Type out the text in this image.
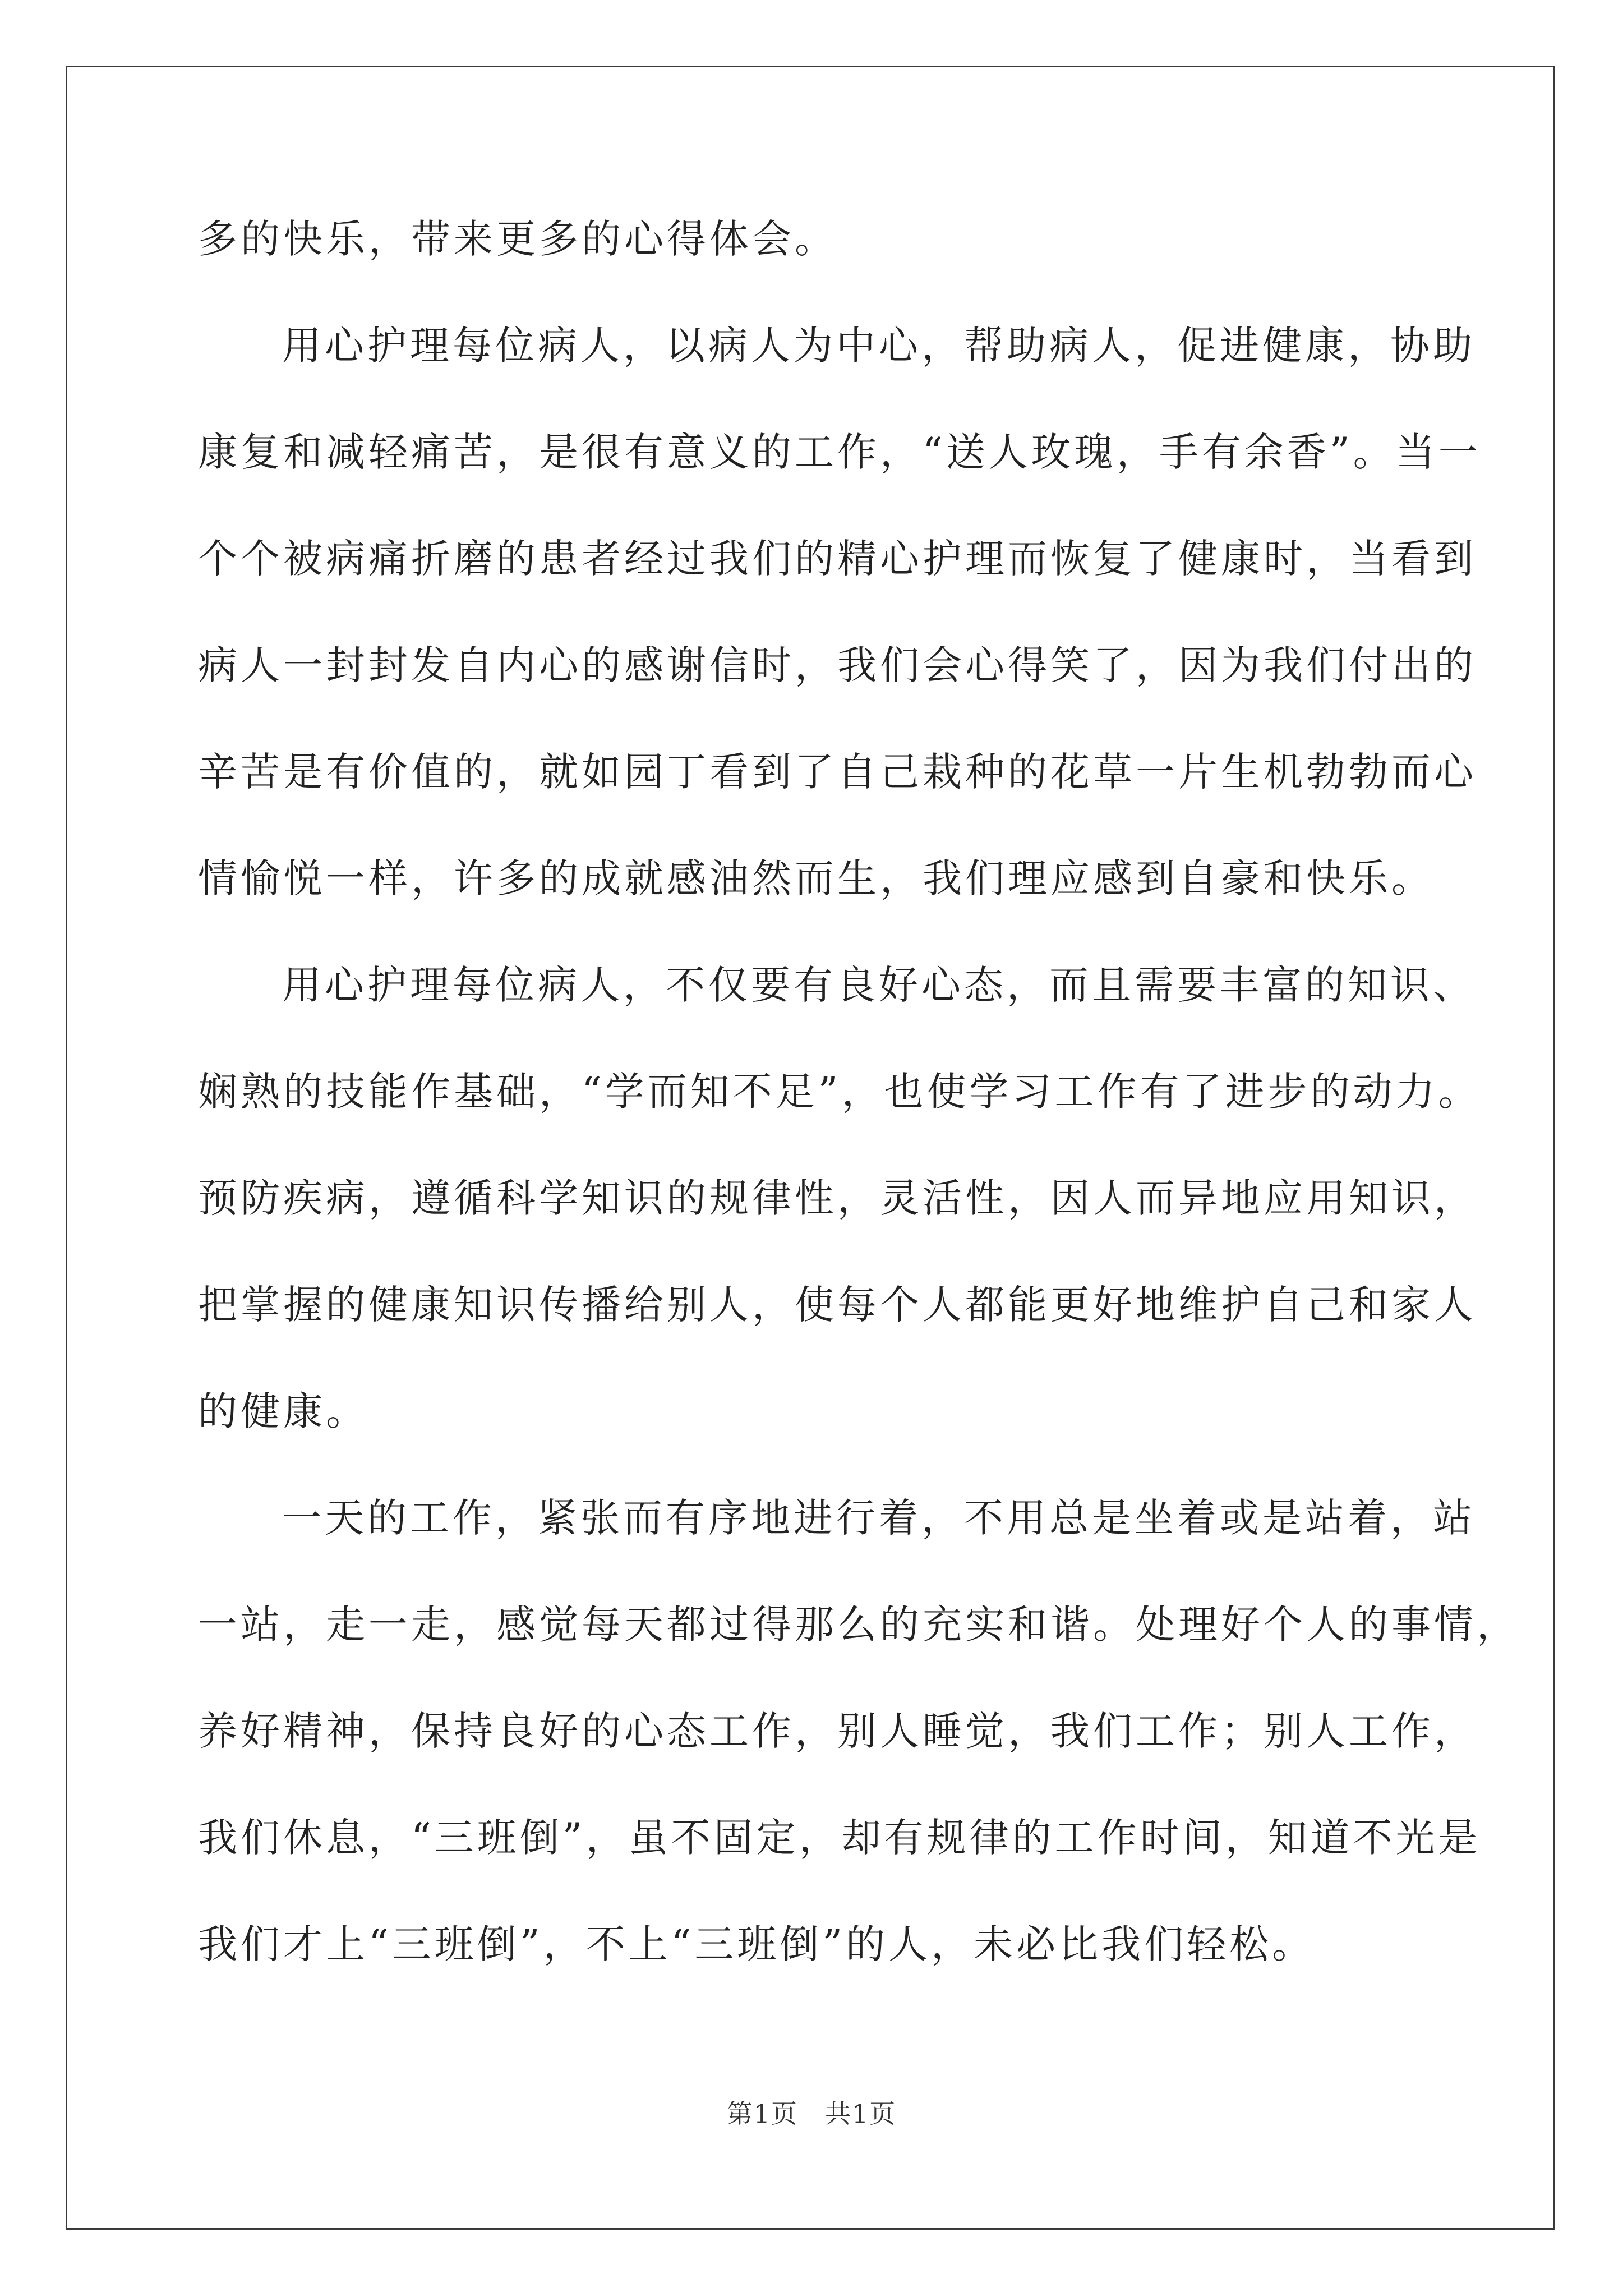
多的快乐，带来更多的心得体会。
用心护理每位病人，以病人为中心，帮助病人，促进健康，协助
康复和减轻痛苦，是很有意义的工作，“送人玫瑰，手有余香”。当一
个个被病痛折磨的患者经过我们的精心护理而恢复了健康时，当看到
病人一封封发自内心的感谢信时，我们会心得笑了，因为我们付出的
辛苦是有价值的，就如园丁看到了自己栽种的花草一片生机勃勃而心
情愉悦一样，许多的成就感油然而生，我们理应感到自豪和快乐。
用心护理每位病人，不仅要有良好心态，而且需要丰富的知识、
娴熟的技能作基础，“学而知不足”，也使学习工作有了进步的动力。
预防疾病，遵循科学知识的规律性，灵活性，因人而异地应用知识，
把掌握的健康知识传播给别人，使每个人都能更好地维护自己和家人
的健康。
一天的工作，紧张而有序地进行着，不用总是坐着或是站着，站
一站，走一走，感觉每天都过得那么的充实和谐。处理好个人的事情，
养好精神，保持良好的心态工作，别人睡觉，我们工作；别人工作，
我们休息，“三班倒”，虽不固定，却有规律的工作时间，知道不光是
我们才上“三班倒”，不上“三班倒”的人，未必比我们轻松。
第1页　共1页
